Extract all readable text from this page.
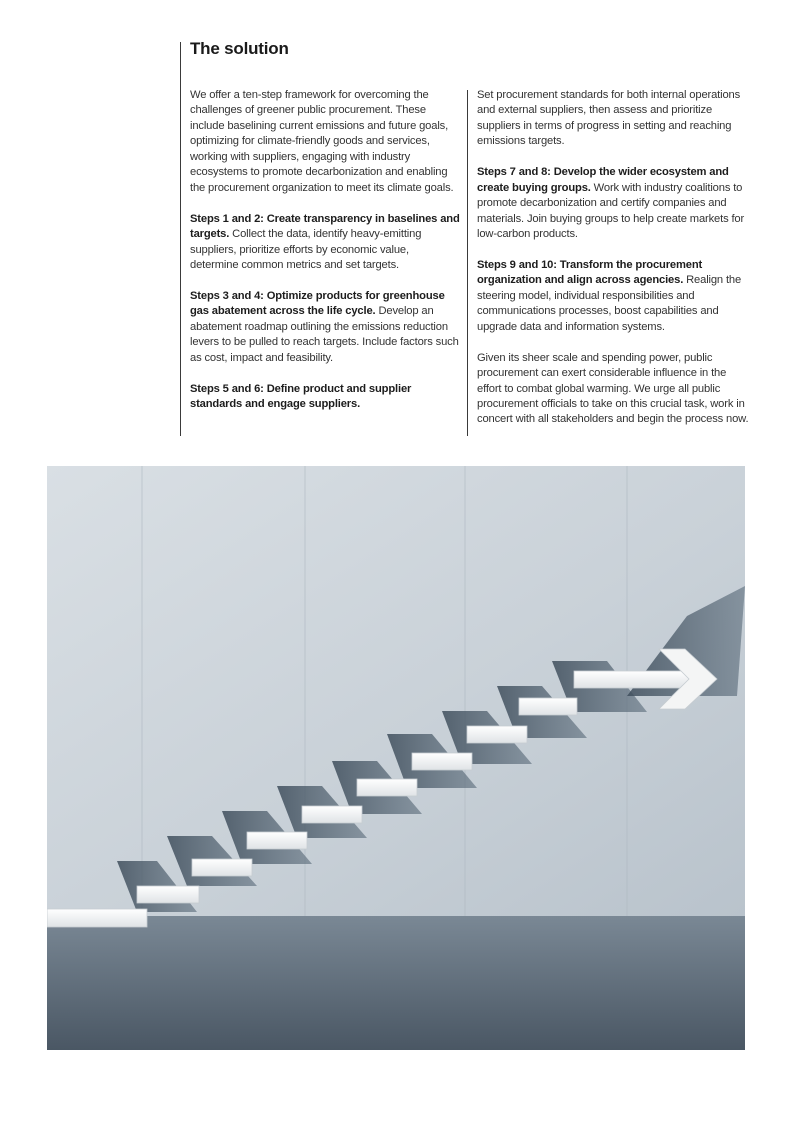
The solution

We offer a ten-step framework for overcoming the challenges of greener public procurement. These include baselining current emissions and future goals, optimizing for climate-friendly goods and services, working with suppliers, engaging with industry ecosystems to promote decarbonization and enabling the procurement organization to meet its climate goals.

Steps 1 and 2: Create transparency in baselines and targets. Collect the data, identify heavy-emitting suppliers, prioritize efforts by economic value, determine common metrics and set targets.

Steps 3 and 4: Optimize products for greenhouse gas abatement across the life cycle. Develop an abatement roadmap outlining the emissions reduction levers to be pulled to reach targets. Include factors such as cost, impact and feasibility.

Steps 5 and 6: Define product and supplier standards and engage suppliers.

Set procurement standards for both internal operations and external suppliers, then assess and prioritize suppliers in terms of progress in setting and reaching emissions targets.

Steps 7 and 8: Develop the wider ecosystem and create buying groups. Work with industry coalitions to promote decarbonization and certify companies and materials. Join buying groups to help create markets for low-carbon products.

Steps 9 and 10: Transform the procurement organization and align across agencies. Realign the steering model, individual responsibilities and communications processes, boost capabilities and upgrade data and information systems.

Given its sheer scale and spending power, public procurement can exert considerable influence in the effort to combat global warming. We urge all public procurement officials to take on this crucial task, work in concert with all stakeholders and begin the process now.
